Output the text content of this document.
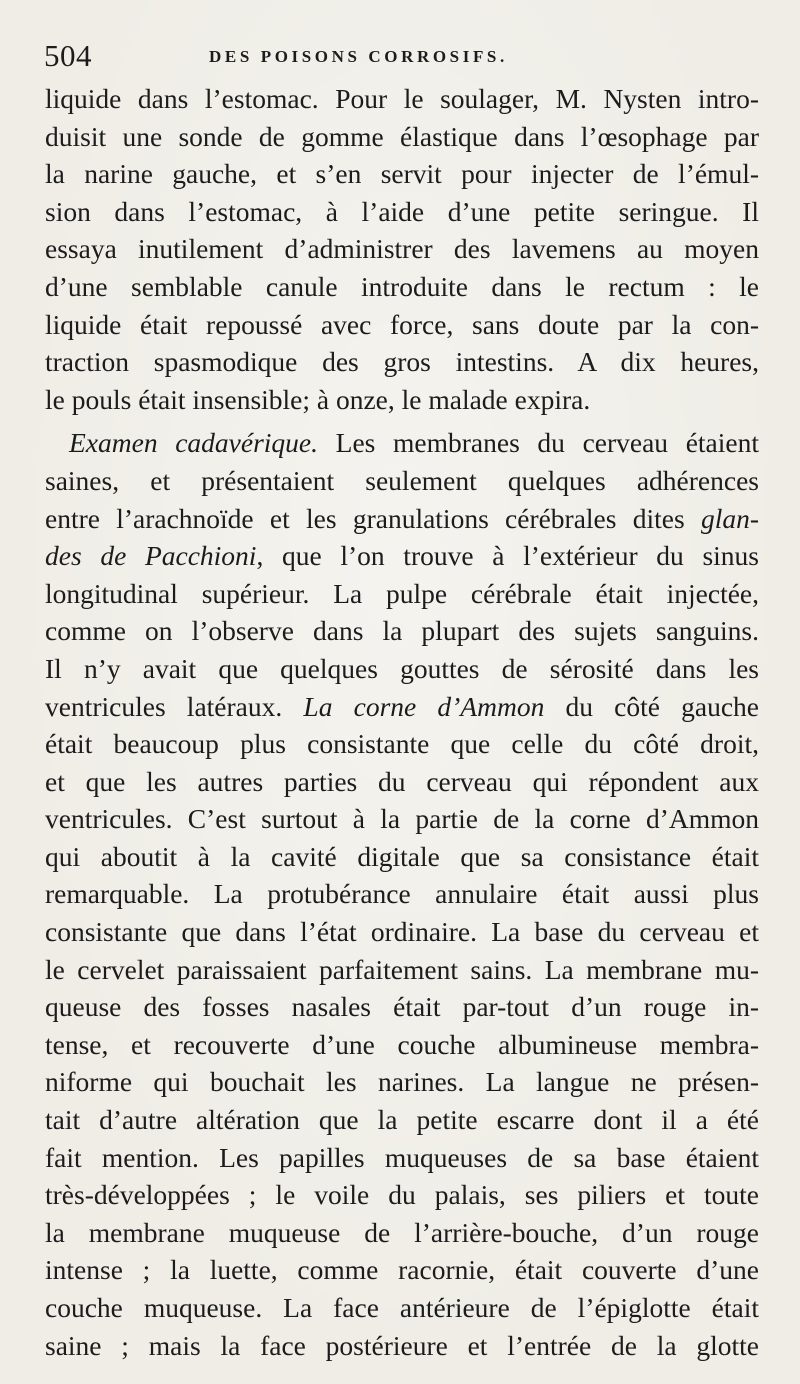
504	DES POISONS CORROSIFS.
liquide dans l’estomac. Pour le soulager, M. Nysten intro-
duisit une sonde de gomme élastique dans l’œsophage par
la narine gauche, et s’en servit pour injecter de l’émul-
sion dans l’estomac, à l’aide d’une petite seringue. Il
essaya inutilement d’administrer des lavemens au moyen
d’une semblable canule introduite dans le rectum : le
liquide était repoussé avec force, sans doute par la con-
traction spasmodique des gros intestins. A dix heures,
le pouls était insensible; à onze, le malade expira.
Examen cadavérique. Les membranes du cerveau étaient
saines, et présentaient seulement quelques adhérences
entre l’arachnoïde et les granulations cérébrales dites glan-
des de Pacchioni, que l’on trouve à l’extérieur du sinus
longitudinal supérieur. La pulpe cérébrale était injectée,
comme on l’observe dans la plupart des sujets sanguins.
Il n’y avait que quelques gouttes de sérosité dans les
ventricules latéraux. La corne d’Ammon du côté gauche
était beaucoup plus consistante que celle du côté droit,
et que les autres parties du cerveau qui répondent aux
ventricules. C’est surtout à la partie de la corne d’Ammon
qui aboutit à la cavité digitale que sa consistance était
remarquable. La protubérance annulaire était aussi plus
consistante que dans l’état ordinaire. La base du cerveau et
le cervelet paraissaient parfaitement sains. La membrane mu-
queuse des fosses nasales était par-tout d’un rouge in-
tense, et recouverte d’une couche albumineuse membra-
niforme qui bouchait les narines. La langue ne présen-
tait d’autre altération que la petite escarre dont il a été
fait mention. Les papilles muqueuses de sa base étaient
très-développées ; le voile du palais, ses piliers et toute
la membrane muqueuse de l’arrière-bouche, d’un rouge
intense ; la luette, comme racornie, était couverte d’une
couche muqueuse. La face antérieure de l’épiglotte était
saine ; mais la face postérieure et l’entrée de la glotte
